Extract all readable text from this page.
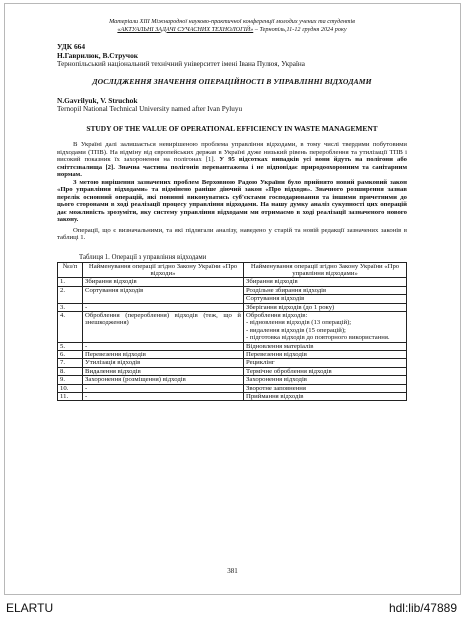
Матеріали XIII Міжнародної науково-практичної конференції молодих учених та студентів
«АКТУАЛЬНІ ЗАДАЧІ СУЧАСНИХ ТЕХНОЛОГІЙ» – Тернопіль,11-12 грудня 2024 року
УДК 664
Н.Гаврилюк, В.Стручок
Тернопільський національний технічний університет імені Івана Пулюя, Україна
ДОСЛІДЖЕННЯ ЗНАЧЕННЯ ОПЕРАЦІЙНОСТІ В УПРАВЛІННІ ВІДХОДАМИ
N.Gavrilyuk, V. Struchok
Ternopil National Technical University named after Ivan Pyluyu
STUDY OF THE VALUE OF OPERATIONAL EFFICIENCY IN WASTE MANAGEMENT
В Україні далі залишається невирішеною проблема управління відходами, в тому числі твердими побутовими відходами (ТПВ). На відміну від європейських держав в Україні дуже низький рівень перероблення та утилізації ТПВ і високий показник їх захоронення на полігонах [1]. У 95 відсотках випадків усі вони йдуть на полігони або сміттєзвалища [2]. Значна частина полігонів перевантажена і не відповідає природоохоронним та санітарним нормам.
З метою вирішення зазначених проблем Верховною Радою України було прийнято новий рамковий закон «Про управління відходами» та відмінено раніше діючий закон «Про відходи». Значного розширення зазнав перелік основний операцій, які повинні виконуватись суб'єктами господарювання та іншими причетними до цього сторонами в ході реалізації процесу управління відходами. На нашу думку аналіз сукупності цих операцій дає можливість зрозуміти, яку систему управління відходами ми отримаємо в ході реалізації зазначеного нового закону.
Операції, що є визначальними, та які підлягали аналізу, наведено у старій та новій редакції зазначених законів в таблиці 1.
Таблиця 1. Операції з управління відходами
№з/п	Найменування операції згідно Закону України «Про відходи»	Найменування операції згідно Закону України «Про управління відходами»
1.	Збирання відходів	Збирання відходів
2.	Сортування відходів	Роздільне збирання відходів
		Сортування відходів
3.	-	Зберігання відходів (до 1 року)
4.	Оброблення (перероблення) відходів (теж, що й знешкодження)	Оброблення відходів:
- відновлення відходів (13 операцій);
- видалення відходів (15 операцій);
- підготовка відходів до повторного використання.

5.	-	Відновлення матеріалів
6.	Перевезення відходів	Перевезення відходів
7.	Утилізація відходів	Рециклінг
8.	Видалення відходів	Термічне оброблення відходів
9.	Захоронення (розміщення) відходів	Захоронення відходів
10.	-	Зворотне заповнення
11.	-	Приймання відходів
381
ELARTU	hdl:lib/47889
